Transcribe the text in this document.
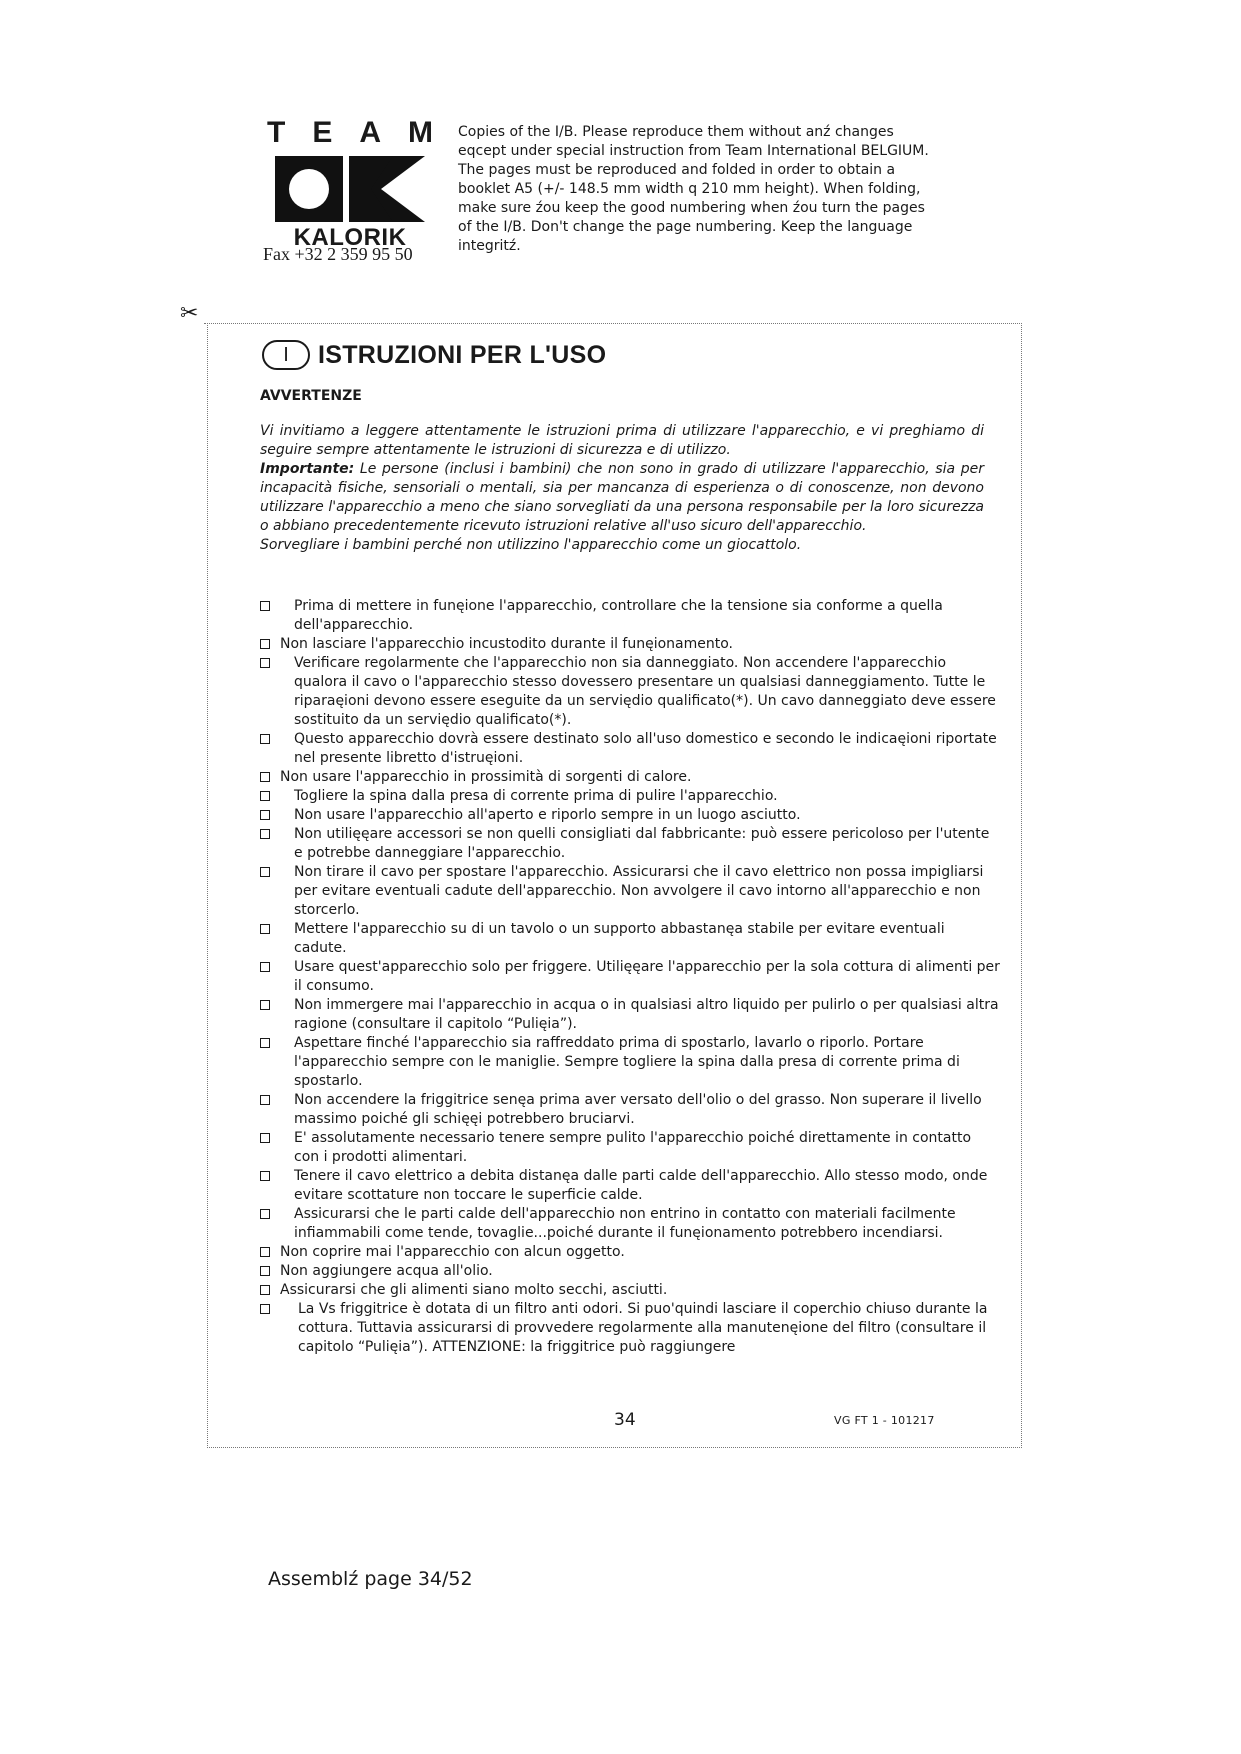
T E A M
KALORIK
Fax +32 2 359 95 50

Copies of the I/B. Please reproduce them without anź changes

eqcept under special instruction from Team International BELGIUM.

The pages must be reproduced and folded in order to obtain a

booklet A5 (+/- 148.5 mm width q 210 mm height). When folding,

make sure źou keep the good numbering when źou turn the pages

of the I/B. Don't change the page numbering. Keep the language

integritź.

✂
I	ISTRUZIONI PER L'USO
AVVERTENZE

Vi invitiamo a leggere attentamente le istruzioni prima di utilizzare l'apparecchio, e vi preghiamo di seguire sempre attentamente le istruzioni di sicurezza e di utilizzo.

Importante: Le persone (inclusi i bambini) che non sono in grado di utilizzare l'apparecchio, sia per incapacità fisiche, sensoriali o mentali, sia per mancanza di esperienza o di conoscenze, non devono utilizzare l'apparecchio a meno che siano sorvegliati da una persona responsabile per la loro sicurezza o abbiano precedentemente ricevuto istruzioni relative all'uso sicuro dell'apparecchio.

Sorvegliare i bambini perché non utilizzino l'apparecchio come un giocattolo.

Prima di mettere in funęione l'apparecchio, controllare che la tensione sia conforme a quella dell'apparecchio.
Non lasciare l'apparecchio incustodito durante il funęionamento.
Verificare regolarmente che l'apparecchio non sia danneggiato. Non accendere l'apparecchio qualora il cavo o l'apparecchio stesso dovessero presentare un qualsiasi danneggiamento. Tutte le riparaęioni devono essere eseguite da un serviędio qualificato(*). Un cavo danneggiato deve essere sostituito da un serviędio qualificato(*).
Questo apparecchio dovrà essere destinato solo all'uso domestico e secondo le indicaęioni riportate nel presente libretto d'istruęioni.
Non usare l'apparecchio in prossimità di sorgenti di calore.
Togliere la spina dalla presa di corrente prima di pulire l'apparecchio.
Non usare l'apparecchio all'aperto e riporlo sempre in un luogo asciutto.
Non utilięęare accessori se non quelli consigliati dal fabbricante: può essere pericoloso per l'utente e potrebbe danneggiare l'apparecchio.
Non tirare il cavo per spostare l'apparecchio. Assicurarsi che il cavo elettrico non possa impigliarsi per evitare eventuali cadute dell'apparecchio. Non avvolgere il cavo intorno all'apparecchio e non storcerlo.
Mettere l'apparecchio su di un tavolo o un supporto abbastanęa stabile per evitare eventuali cadute.
Usare quest'apparecchio solo per friggere. Utilięęare l'apparecchio per la sola cottura di alimenti per il consumo.
Non immergere mai l'apparecchio in acqua o in qualsiasi altro liquido per pulirlo o per qualsiasi altra ragione (consultare il capitolo “Pulięia”).
Aspettare finché l'apparecchio sia raffreddato prima di spostarlo, lavarlo o riporlo. Portare l'apparecchio sempre con le maniglie. Sempre togliere la spina dalla presa di corrente prima di spostarlo.
Non accendere la friggitrice senęa prima aver versato dell'olio o del grasso. Non superare il livello massimo poiché gli schięęi potrebbero bruciarvi.
E' assolutamente necessario tenere sempre pulito l'apparecchio poiché direttamente in contatto con i prodotti alimentari.
Tenere il cavo elettrico a debita distanęa dalle parti calde dell'apparecchio. Allo stesso modo, onde evitare scottature non toccare le superficie calde.
Assicurarsi che le parti calde dell'apparecchio non entrino in contatto con materiali facilmente infiammabili come tende, tovaglie...poiché durante il funęionamento potrebbero incendiarsi.
Non coprire mai l'apparecchio con alcun oggetto.
Non aggiungere acqua all'olio.
Assicurarsi che gli alimenti siano molto secchi, asciutti.
La Vs friggitrice è dotata di un filtro anti odori. Si puo'quindi lasciare il coperchio chiuso durante la cottura. Tuttavia assicurarsi di provvedere regolarmente alla manutenęione del filtro (consultare il capitolo “Pulięia”). ATTENZIONE: la friggitrice può raggiungere
34	VG FT 1 - 101217
Assemblź page 34/52
